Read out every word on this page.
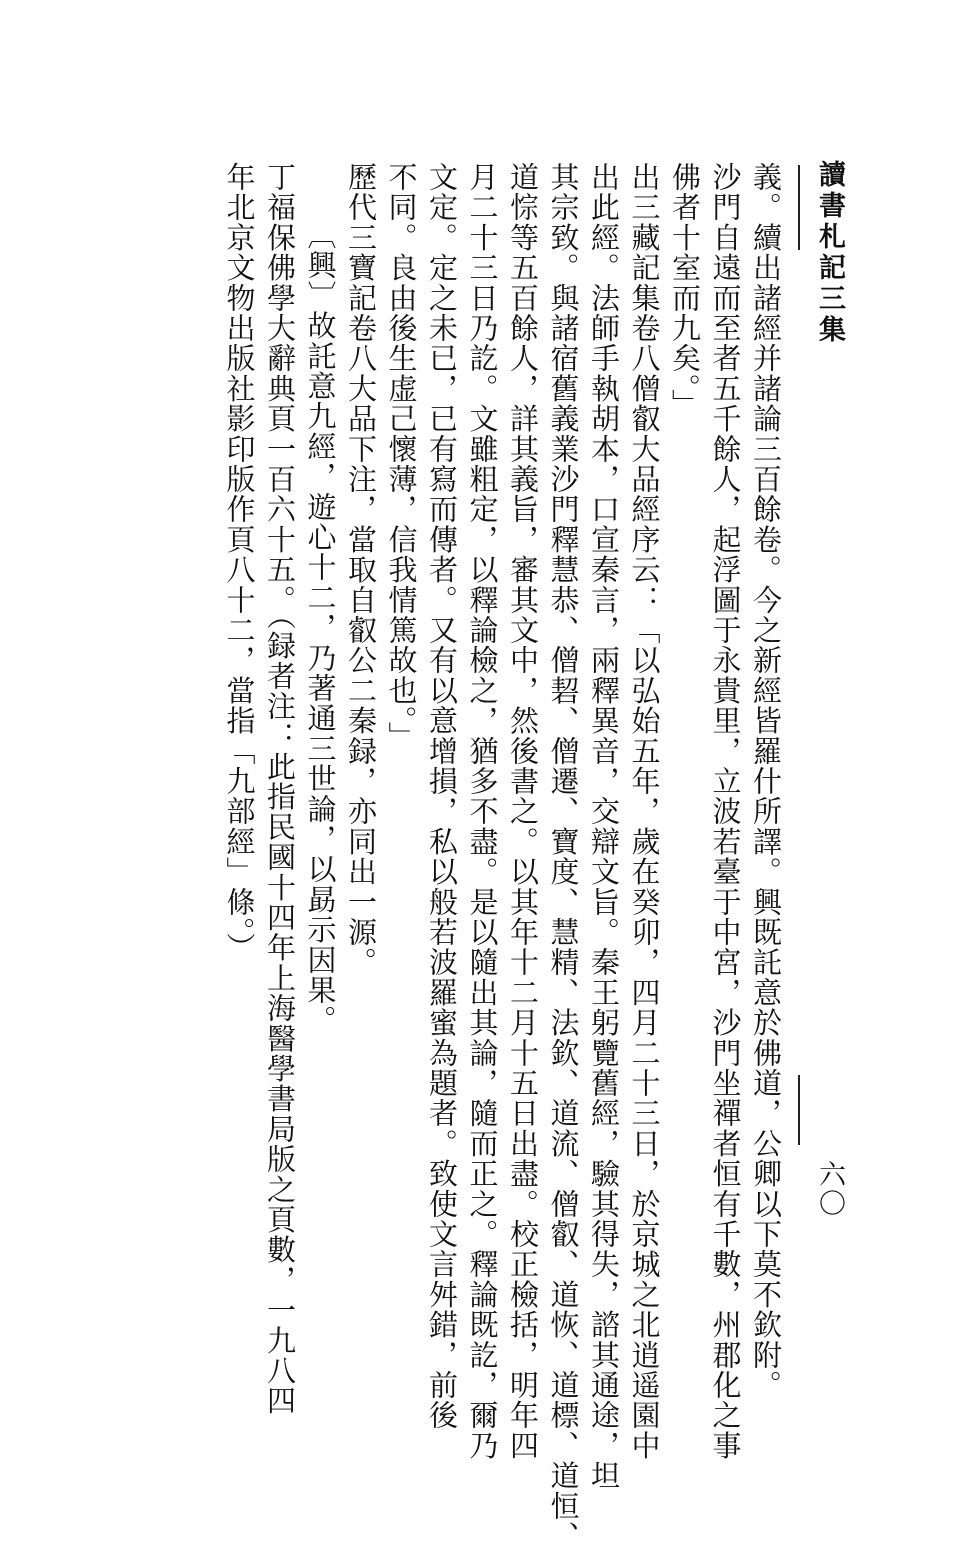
讀書札記三集
六〇

義。續出諸經并諸論三百餘卷。今之新經皆羅什所譯。興既託意於佛道，公卿以下莫不欽附。

沙門自遠而至者五千餘人，起浮圖于永貴里，立波若臺于中宮，沙門坐禪者恒有千數，州郡化之事

佛者十室而九矣。」

出三藏記集卷八僧叡大品經序云：「以弘始五年，歲在癸卯，四月二十三日，於京城之北逍遥園中

出此經。法師手執胡本，口宣秦言，兩釋異音，交辯文旨。秦王躬覽舊經，驗其得失，諮其通途，坦

其宗致。與諸宿舊義業沙門釋慧恭、僧䂮、僧遷、寶度、慧精、法欽、道流、僧叡、道恢、道標、道恒、

道悰等五百餘人，詳其義旨，審其文中，然後書之。以其年十二月十五日出盡。校正檢括，明年四

月二十三日乃訖。文雖粗定，以釋論檢之，猶多不盡。是以隨出其論，隨而正之。釋論既訖，爾乃

文定。定之未已，已有寫而傳者。又有以意增損，私以般若波羅蜜為題者。致使文言舛錯，前後

不同。良由後生虚己懷薄，信我情篤故也。」

歷代三寶記卷八大品下注，當取自叡公二秦録，亦同出一源。

〔興〕故託意九經，遊心十二，乃著通三世論，以勗示因果。

丁福保佛學大辭典頁一百六十五。（録者注：此指民國十四年上海醫學書局版之頁數，一九八四

年北京文物出版社影印版作頁八十二，當指「九部經」條。）
